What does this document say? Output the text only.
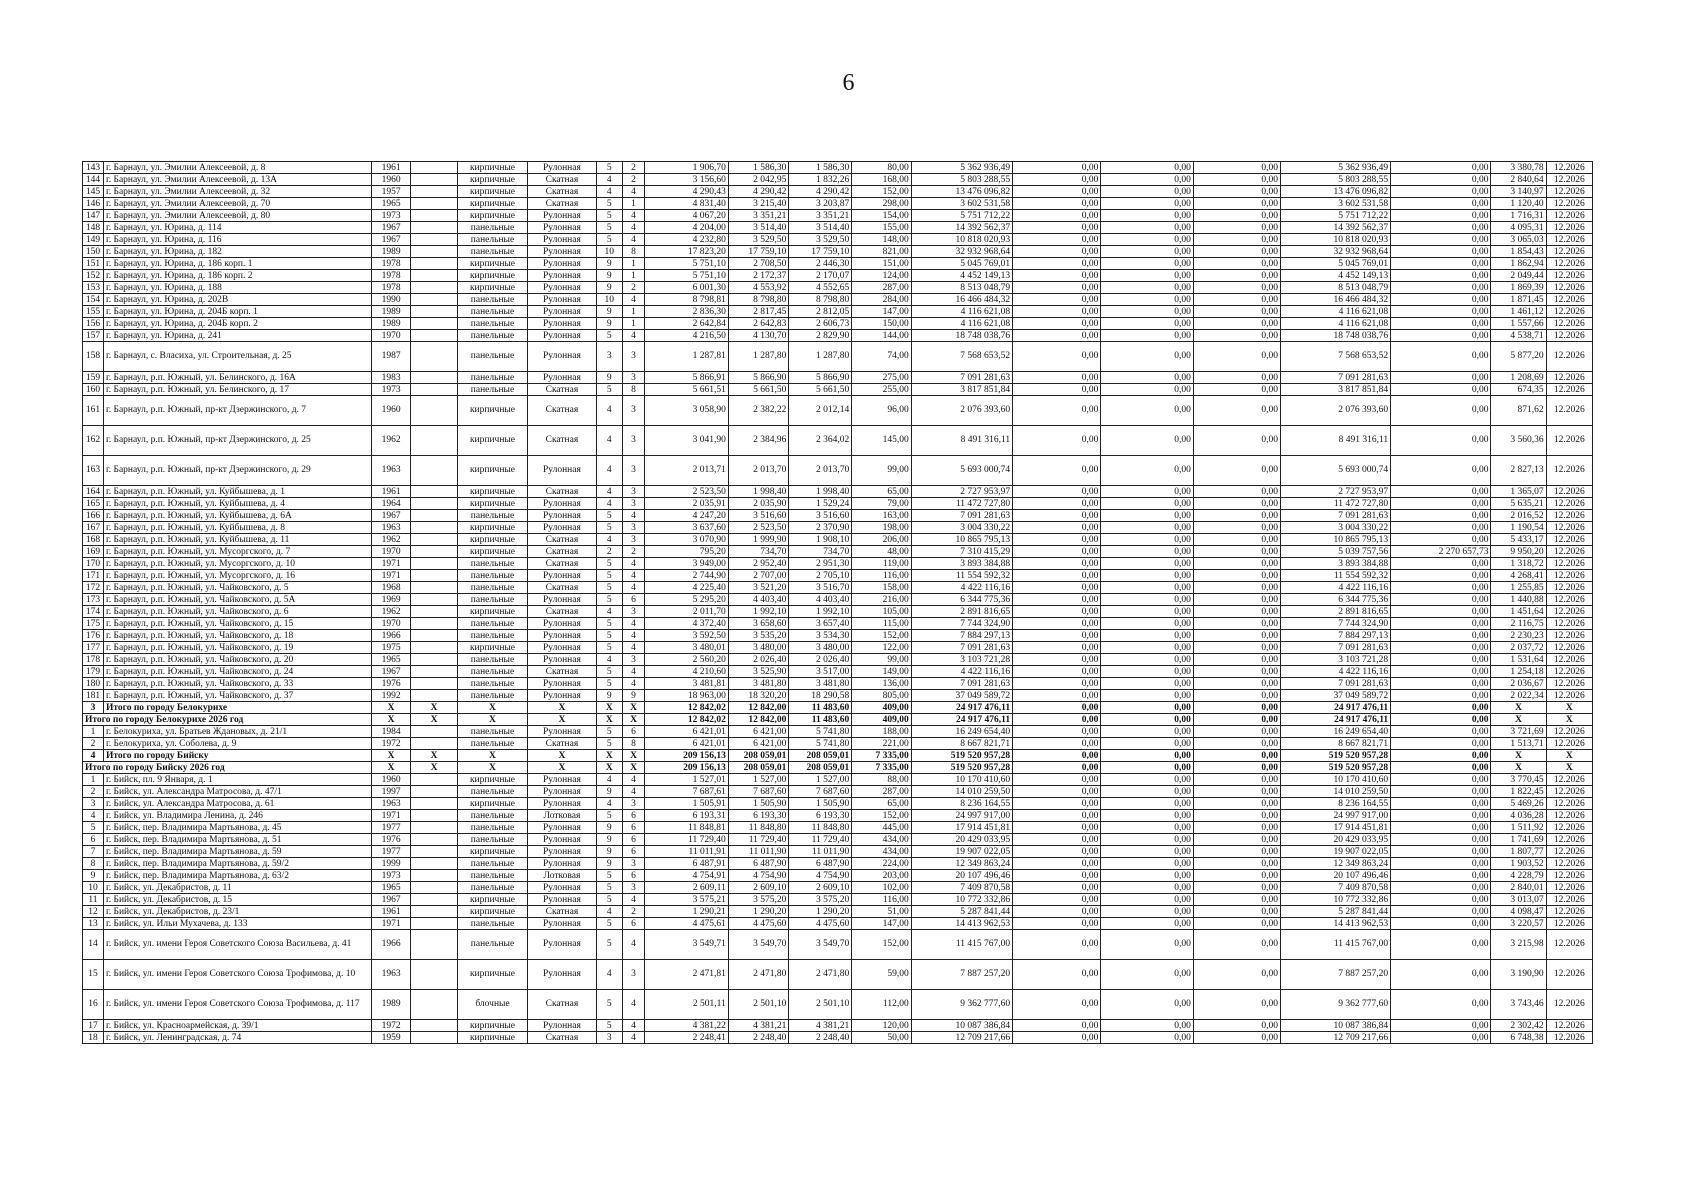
6
143	г. Барнаул, ул. Эмилии Алексеевой, д. 8	1961		кирпичные	Рулонная	5	2	1 906,70	1 586,30	1 586,30	80,00	5 362 936,49	0,00	0,00	0,00	5 362 936,49	0,00	3 380,78	12.2026
144	г. Барнаул, ул. Эмилии Алексеевой, д. 13А	1960		кирпичные	Скатная	4	2	3 156,60	2 042,95	1 832,26	168,00	5 803 288,55	0,00	0,00	0,00	5 803 288,55	0,00	2 840,64	12.2026
145	г. Барнаул, ул. Эмилии Алексеевой, д. 32	1957		кирпичные	Скатная	4	4	4 290,43	4 290,42	4 290,42	152,00	13 476 096,82	0,00	0,00	0,00	13 476 096,82	0,00	3 140,97	12.2026
146	г. Барнаул, ул. Эмилии Алексеевой, д. 70	1965		кирпичные	Скатная	5	1	4 831,40	3 215,40	3 203,87	298,00	3 602 531,58	0,00	0,00	0,00	3 602 531,58	0,00	1 120,40	12.2026
147	г. Барнаул, ул. Эмилии Алексеевой, д. 80	1973		кирпичные	Рулонная	5	4	4 067,20	3 351,21	3 351,21	154,00	5 751 712,22	0,00	0,00	0,00	5 751 712,22	0,00	1 716,31	12.2026
148	г. Барнаул, ул. Юрина, д. 114	1967		панельные	Рулонная	5	4	4 204,00	3 514,40	3 514,40	155,00	14 392 562,37	0,00	0,00	0,00	14 392 562,37	0,00	4 095,31	12.2026
149	г. Барнаул, ул. Юрина, д. 116	1967		панельные	Рулонная	5	4	4 232,80	3 529,50	3 529,50	148,00	10 818 020,93	0,00	0,00	0,00	10 818 020,93	0,00	3 065,03	12.2026
150	г. Барнаул, ул. Юрина, д. 182	1989		панельные	Рулонная	10	8	17 823,20	17 759,10	17 759,10	821,00	32 932 968,64	0,00	0,00	0,00	32 932 968,64	0,00	1 854,43	12.2026
151	г. Барнаул, ул. Юрина, д. 186 корп. 1	1978		кирпичные	Рулонная	9	1	5 751,10	2 708,50	2 446,30	151,00	5 045 769,01	0,00	0,00	0,00	5 045 769,01	0,00	1 862,94	12.2026
152	г. Барнаул, ул. Юрина, д. 186 корп. 2	1978		кирпичные	Рулонная	9	1	5 751,10	2 172,37	2 170,07	124,00	4 452 149,13	0,00	0,00	0,00	4 452 149,13	0,00	2 049,44	12.2026
153	г. Барнаул, ул. Юрина, д. 188	1978		кирпичные	Рулонная	9	2	6 001,30	4 553,92	4 552,65	287,00	8 513 048,79	0,00	0,00	0,00	8 513 048,79	0,00	1 869,39	12.2026
154	г. Барнаул, ул. Юрина, д. 202В	1990		панельные	Рулонная	10	4	8 798,81	8 798,80	8 798,80	284,00	16 466 484,32	0,00	0,00	0,00	16 466 484,32	0,00	1 871,45	12.2026
155	г. Барнаул, ул. Юрина, д. 204Б корп. 1	1989		панельные	Рулонная	9	1	2 836,30	2 817,45	2 812,05	147,00	4 116 621,08	0,00	0,00	0,00	4 116 621,08	0,00	1 461,12	12.2026
156	г. Барнаул, ул. Юрина, д. 204Б корп. 2	1989		панельные	Рулонная	9	1	2 642,84	2 642,83	2 606,73	150,00	4 116 621,08	0,00	0,00	0,00	4 116 621,08	0,00	1 557,66	12.2026
157	г. Барнаул, ул. Юрина, д. 241	1970		панельные	Рулонная	5	4	4 216,50	4 130,70	2 829,90	144,00	18 748 038,76	0,00	0,00	0,00	18 748 038,76	0,00	4 538,71	12.2026
158	г. Барнаул, с. Власиха, ул. Строительная, д. 25	1987		панельные	Рулонная	3	3	1 287,81	1 287,80	1 287,80	74,00	7 568 653,52	0,00	0,00	0,00	7 568 653,52	0,00	5 877,20	12.2026
159	г. Барнаул, р.п. Южный, ул. Белинского, д. 16А	1983		панельные	Рулонная	9	3	5 866,91	5 866,90	5 866,90	275,00	7 091 281,63	0,00	0,00	0,00	7 091 281,63	0,00	1 208,69	12.2026
160	г. Барнаул, р.п. Южный, ул. Белинского, д. 17	1973		панельные	Скатная	5	8	5 661,51	5 661,50	5 661,50	255,00	3 817 851,84	0,00	0,00	0,00	3 817 851,84	0,00	674,35	12.2026
161	г. Барнаул, р.п. Южный, пр-кт Дзержинского, д. 7	1960		кирпичные	Скатная	4	3	3 058,90	2 382,22	2 012,14	96,00	2 076 393,60	0,00	0,00	0,00	2 076 393,60	0,00	871,62	12.2026
162	г. Барнаул, р.п. Южный, пр-кт Дзержинского, д. 25	1962		кирпичные	Скатная	4	3	3 041,90	2 384,96	2 364,02	145,00	8 491 316,11	0,00	0,00	0,00	8 491 316,11	0,00	3 560,36	12.2026
163	г. Барнаул, р.п. Южный, пр-кт Дзержинского, д. 29	1963		кирпичные	Рулонная	4	3	2 013,71	2 013,70	2 013,70	99,00	5 693 000,74	0,00	0,00	0,00	5 693 000,74	0,00	2 827,13	12.2026
164	г. Барнаул, р.п. Южный, ул. Куйбышева, д. 1	1961		кирпичные	Скатная	4	3	2 523,50	1 998,40	1 998,40	65,00	2 727 953,97	0,00	0,00	0,00	2 727 953,97	0,00	1 365,07	12.2026
165	г. Барнаул, р.п. Южный, ул. Куйбышева, д. 4	1964		кирпичные	Рулонная	4	3	2 035,91	2 035,90	1 529,24	79,00	11 472 727,80	0,00	0,00	0,00	11 472 727,80	0,00	5 635,21	12.2026
166	г. Барнаул, р.п. Южный, ул. Куйбышева, д. 6А	1967		панельные	Рулонная	5	4	4 247,20	3 516,60	3 516,60	163,00	7 091 281,63	0,00	0,00	0,00	7 091 281,63	0,00	2 016,52	12.2026
167	г. Барнаул, р.п. Южный, ул. Куйбышева, д. 8	1963		кирпичные	Рулонная	5	3	3 637,60	2 523,50	2 370,90	198,00	3 004 330,22	0,00	0,00	0,00	3 004 330,22	0,00	1 190,54	12.2026
168	г. Барнаул, р.п. Южный, ул. Куйбышева, д. 11	1962		кирпичные	Скатная	4	3	3 070,90	1 999,90	1 908,10	206,00	10 865 795,13	0,00	0,00	0,00	10 865 795,13	0,00	5 433,17	12.2026
169	г. Барнаул, р.п. Южный, ул. Мусоргского, д. 7	1970		кирпичные	Скатная	2	2	795,20	734,70	734,70	48,00	7 310 415,29	0,00	0,00	0,00	5 039 757,56	2 270 657,73	9 950,20	12.2026
170	г. Барнаул, р.п. Южный, ул. Мусоргского, д. 10	1971		панельные	Скатная	5	4	3 949,00	2 952,40	2 951,30	119,00	3 893 384,88	0,00	0,00	0,00	3 893 384,88	0,00	1 318,72	12.2026
171	г. Барнаул, р.п. Южный, ул. Мусоргского, д. 16	1971		панельные	Рулонная	5	4	2 744,90	2 707,00	2 705,10	116,00	11 554 592,32	0,00	0,00	0,00	11 554 592,32	0,00	4 268,41	12.2026
172	г. Барнаул, р.п. Южный, ул. Чайковского, д. 5	1968		панельные	Скатная	5	4	4 225,40	3 521,20	3 516,70	158,00	4 422 116,16	0,00	0,00	0,00	4 422 116,16	0,00	1 255,85	12.2026
173	г. Барнаул, р.п. Южный, ул. Чайковского, д. 5А	1969		панельные	Рулонная	5	6	5 295,20	4 403,40	4 403,40	216,00	6 344 775,36	0,00	0,00	0,00	6 344 775,36	0,00	1 440,88	12.2026
174	г. Барнаул, р.п. Южный, ул. Чайковского, д. 6	1962		кирпичные	Скатная	4	3	2 011,70	1 992,10	1 992,10	105,00	2 891 816,65	0,00	0,00	0,00	2 891 816,65	0,00	1 451,64	12.2026
175	г. Барнаул, р.п. Южный, ул. Чайковского, д. 15	1970		панельные	Рулонная	5	4	4 372,40	3 658,60	3 657,40	115,00	7 744 324,90	0,00	0,00	0,00	7 744 324,90	0,00	2 116,75	12.2026
176	г. Барнаул, р.п. Южный, ул. Чайковского, д. 18	1966		панельные	Рулонная	5	4	3 592,50	3 535,20	3 534,30	152,00	7 884 297,13	0,00	0,00	0,00	7 884 297,13	0,00	2 230,23	12.2026
177	г. Барнаул, р.п. Южный, ул. Чайковского, д. 19	1975		кирпичные	Рулонная	5	4	3 480,01	3 480,00	3 480,00	122,00	7 091 281,63	0,00	0,00	0,00	7 091 281,63	0,00	2 037,72	12.2026
178	г. Барнаул, р.п. Южный, ул. Чайковского, д. 20	1965		панельные	Рулонная	4	3	2 560,20	2 026,40	2 026,40	99,00	3 103 721,28	0,00	0,00	0,00	3 103 721,28	0,00	1 531,64	12.2026
179	г. Барнаул, р.п. Южный, ул. Чайковского, д. 24	1967		панельные	Скатная	5	4	4 210,60	3 525,90	3 517,00	149,00	4 422 116,16	0,00	0,00	0,00	4 422 116,16	0,00	1 254,18	12.2026
180	г. Барнаул, р.п. Южный, ул. Чайковского, д. 33	1976		панельные	Рулонная	5	4	3 481,81	3 481,80	3 481,80	136,00	7 091 281,63	0,00	0,00	0,00	7 091 281,63	0,00	2 036,67	12.2026
181	г. Барнаул, р.п. Южный, ул. Чайковского, д. 37	1992		панельные	Рулонная	9	9	18 963,00	18 320,20	18 290,58	805,00	37 049 589,72	0,00	0,00	0,00	37 049 589,72	0,00	2 022,34	12.2026
3	Итого по городу Белокурихе	X	X	X	X	X	X	12 842,02	12 842,00	11 483,60	409,00	24 917 476,11	0,00	0,00	0,00	24 917 476,11	0,00	X	X
Итого по городу Белокурихе 2026 год		X	X	X	X	X	X	12 842,02	12 842,00	11 483,60	409,00	24 917 476,11	0,00	0,00	0,00	24 917 476,11	0,00	X	X
1	г. Белокуриха, ул. Братьев Ждановых, д. 21/1	1984		панельные	Рулонная	5	6	6 421,01	6 421,00	5 741,80	188,00	16 249 654,40	0,00	0,00	0,00	16 249 654,40	0,00	3 721,69	12.2026
2	г. Белокуриха, ул. Соболева, д. 9	1972		панельные	Скатная	5	8	6 421,01	6 421,00	5 741,80	221,00	8 667 821,71	0,00	0,00	0,00	8 667 821,71	0,00	1 513,71	12.2026
4	Итого по городу Бийску	X	X	X	X	X	X	209 156,13	208 059,01	208 059,01	7 335,00	519 520 957,28	0,00	0,00	0,00	519 520 957,28	0,00	X	X
Итого по городу Бийску 2026 год		X	X	X	X	X	X	209 156,13	208 059,01	208 059,01	7 335,00	519 520 957,28	0,00	0,00	0,00	519 520 957,28	0,00	X	X
1	г. Бийск, пл. 9 Января, д. 1	1960		кирпичные	Рулонная	4	4	1 527,01	1 527,00	1 527,00	88,00	10 170 410,60	0,00	0,00	0,00	10 170 410,60	0,00	3 770,45	12.2026
2	г. Бийск, ул. Александра Матросова, д. 47/1	1997		панельные	Рулонная	9	4	7 687,61	7 687,60	7 687,60	287,00	14 010 259,50	0,00	0,00	0,00	14 010 259,50	0,00	1 822,45	12.2026
3	г. Бийск, ул. Александра Матросова, д. 61	1963		кирпичные	Рулонная	4	3	1 505,91	1 505,90	1 505,90	65,00	8 236 164,55	0,00	0,00	0,00	8 236 164,55	0,00	5 469,26	12.2026
4	г. Бийск, ул. Владимира Ленина, д. 246	1971		панельные	Лотковая	5	6	6 193,31	6 193,30	6 193,30	152,00	24 997 917,00	0,00	0,00	0,00	24 997 917,00	0,00	4 036,28	12.2026
5	г. Бийск, пер. Владимира Мартьянова, д. 45	1977		панельные	Рулонная	9	6	11 848,81	11 848,80	11 848,80	445,00	17 914 451,81	0,00	0,00	0,00	17 914 451,81	0,00	1 511,92	12.2026
6	г. Бийск, пер. Владимира Мартьянова, д. 51	1976		панельные	Рулонная	9	6	11 729,40	11 729,40	11 729,40	434,00	20 429 033,95	0,00	0,00	0,00	20 429 033,95	0,00	1 741,69	12.2026
7	г. Бийск, пер. Владимира Мартьянова, д. 59	1977		кирпичные	Рулонная	9	6	11 011,91	11 011,90	11 011,90	434,00	19 907 022,05	0,00	0,00	0,00	19 907 022,05	0,00	1 807,77	12.2026
8	г. Бийск, пер. Владимира Мартьянова, д. 59/2	1999		панельные	Рулонная	9	3	6 487,91	6 487,90	6 487,90	224,00	12 349 863,24	0,00	0,00	0,00	12 349 863,24	0,00	1 903,52	12.2026
9	г. Бийск, пер. Владимира Мартьянова, д. 63/2	1973		панельные	Лотковая	5	6	4 754,91	4 754,90	4 754,90	203,00	20 107 496,46	0,00	0,00	0,00	20 107 496,46	0,00	4 228,79	12.2026
10	г. Бийск, ул. Декабристов, д. 11	1965		панельные	Рулонная	5	3	2 609,11	2 609,10	2 609,10	102,00	7 409 870,58	0,00	0,00	0,00	7 409 870,58	0,00	2 840,01	12.2026
11	г. Бийск, ул. Декабристов, д. 15	1967		кирпичные	Рулонная	5	4	3 575,21	3 575,20	3 575,20	116,00	10 772 332,86	0,00	0,00	0,00	10 772 332,86	0,00	3 013,07	12.2026
12	г. Бийск, ул. Декабристов, д. 23/1	1961		кирпичные	Скатная	4	2	1 290,21	1 290,20	1 290,20	51,00	5 287 841,44	0,00	0,00	0,00	5 287 841,44	0,00	4 098,47	12.2026
13	г. Бийск, ул. Ильи Мухачева, д. 133	1971		панельные	Рулонная	5	6	4 475,61	4 475,60	4 475,60	147,00	14 413 962,53	0,00	0,00	0,00	14 413 962,53	0,00	3 220,57	12.2026
14	г. Бийск, ул. имени Героя Советского Союза Васильева, д. 41	1966		панельные	Рулонная	5	4	3 549,71	3 549,70	3 549,70	152,00	11 415 767,00	0,00	0,00	0,00	11 415 767,00	0,00	3 215,98	12.2026
15	г. Бийск, ул. имени Героя Советского Союза Трофимова, д. 10	1963		кирпичные	Рулонная	4	3	2 471,81	2 471,80	2 471,80	59,00	7 887 257,20	0,00	0,00	0,00	7 887 257,20	0,00	3 190,90	12.2026
16	г. Бийск, ул. имени Героя Советского Союза Трофимова, д. 117	1989		блочные	Скатная	5	4	2 501,11	2 501,10	2 501,10	112,00	9 362 777,60	0,00	0,00	0,00	9 362 777,60	0,00	3 743,46	12.2026
17	г. Бийск, ул. Красноармейская, д. 39/1	1972		кирпичные	Рулонная	5	4	4 381,22	4 381,21	4 381,21	120,00	10 087 386,84	0,00	0,00	0,00	10 087 386,84	0,00	2 302,42	12.2026
18	г. Бийск, ул. Ленинградская, д. 74	1959		кирпичные	Скатная	3	4	2 248,41	2 248,40	2 248,40	50,00	12 709 217,66	0,00	0,00	0,00	12 709 217,66	0,00	6 748,38	12.2026
